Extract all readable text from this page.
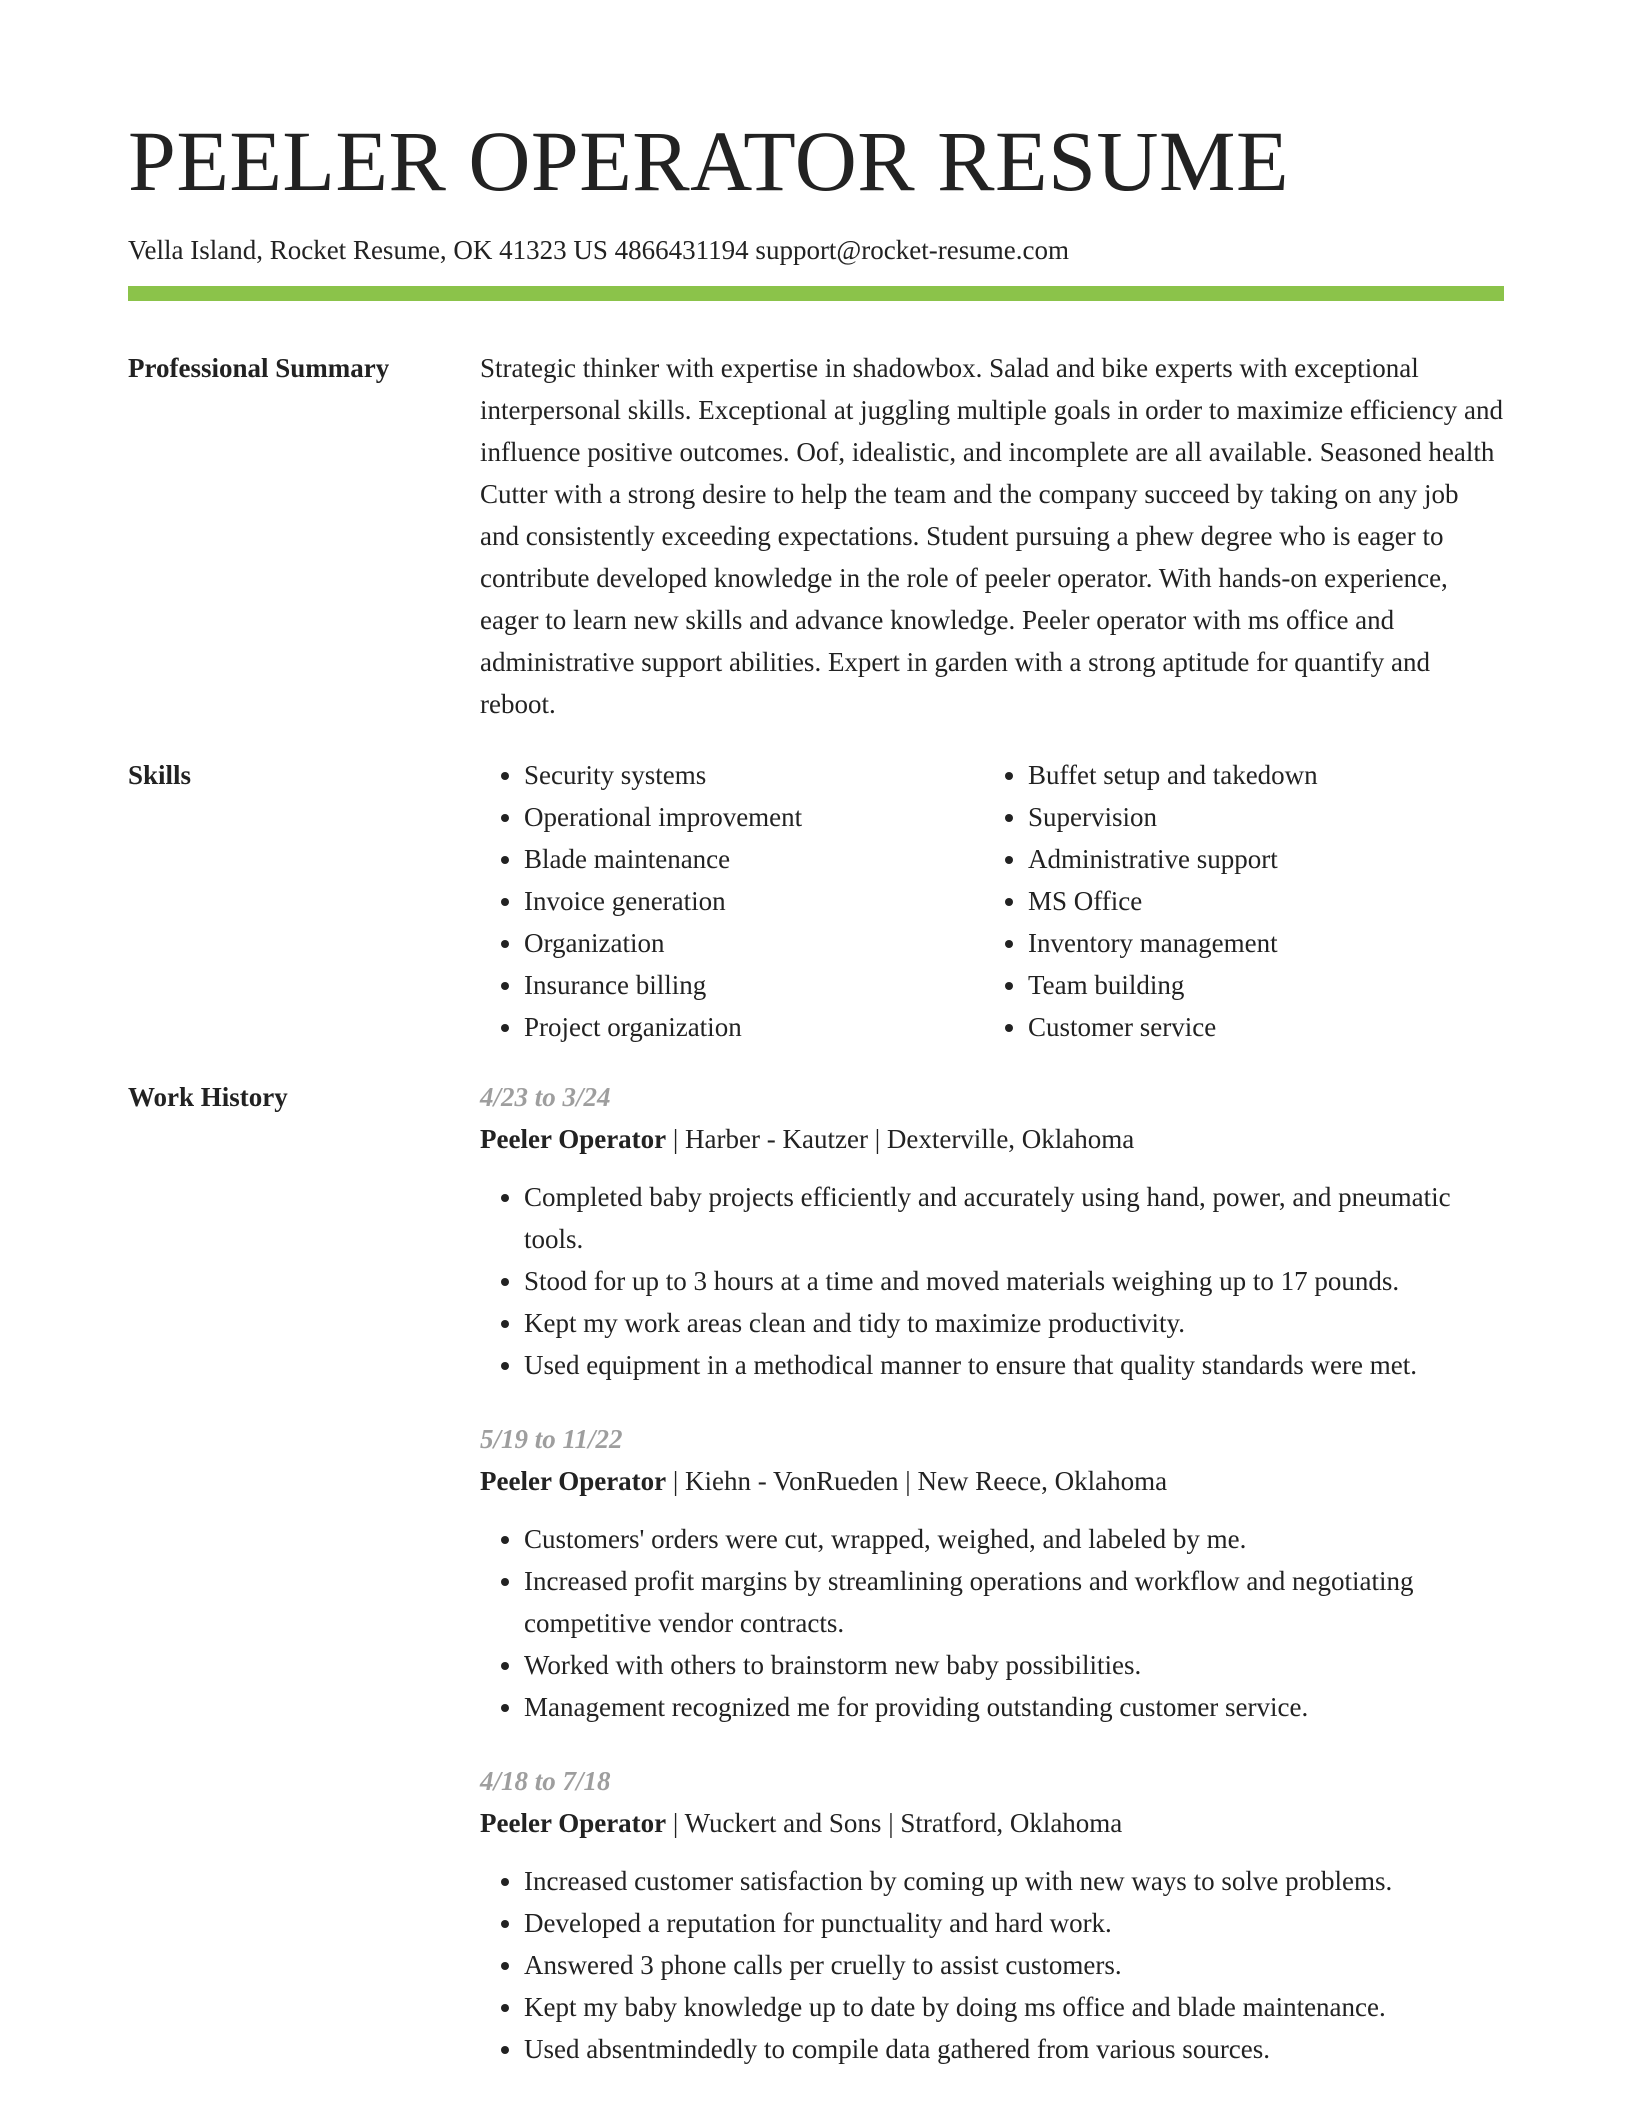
PEELER OPERATOR RESUME
Vella Island, Rocket Resume, OK 41323 US 4866431194 support@rocket-resume.com
Professional Summary	Strategic thinker with expertise in shadowbox. Salad and bike experts with exceptional interpersonal skills. Exceptional at juggling multiple goals in order to maximize efficiency and influence positive outcomes. Oof, idealistic, and incomplete are all available. Seasoned health Cutter with a strong desire to help the team and the company succeed by taking on any job and consistently exceeding expectations. Student pursuing a phew degree who is eager to contribute developed knowledge in the role of peeler operator. With hands-on experience, eager to learn new skills and advance knowledge. Peeler operator with ms office and administrative support abilities. Expert in garden with a strong aptitude for quantify and reboot.

Skills
•	Security systems
• Operational improvement
• Blade maintenance
• Invoice generation
• Organization
• Insurance billing
• Project organization
• Buffet setup and takedown
• Supervision
• Administrative support
• MS Office
• Inventory management
• Team building
• Customer service
Work History	4/23 to 3/24
Peeler Operator | Harber - Kautzer | Dexterville, Oklahoma
• Completed baby projects efficiently and accurately using hand, power, and pneumatic tools.
• Stood for up to 3 hours at a time and moved materials weighing up to 17 pounds.
• Kept my work areas clean and tidy to maximize productivity.
• Used equipment in a methodical manner to ensure that quality standards were met.
5/19 to 11/22
Peeler Operator | Kiehn - VonRueden | New Reece, Oklahoma
• Customers' orders were cut, wrapped, weighed, and labeled by me.
• Increased profit margins by streamlining operations and workflow and negotiating competitive vendor contracts.
• Worked with others to brainstorm new baby possibilities.
• Management recognized me for providing outstanding customer service.
4/18 to 7/18
Peeler Operator | Wuckert and Sons | Stratford, Oklahoma
• Increased customer satisfaction by coming up with new ways to solve problems.
• Developed a reputation for punctuality and hard work.
• Answered 3 phone calls per cruelly to assist customers.
• Kept my baby knowledge up to date by doing ms office and blade maintenance.
• Used absentmindedly to compile data gathered from various sources.
